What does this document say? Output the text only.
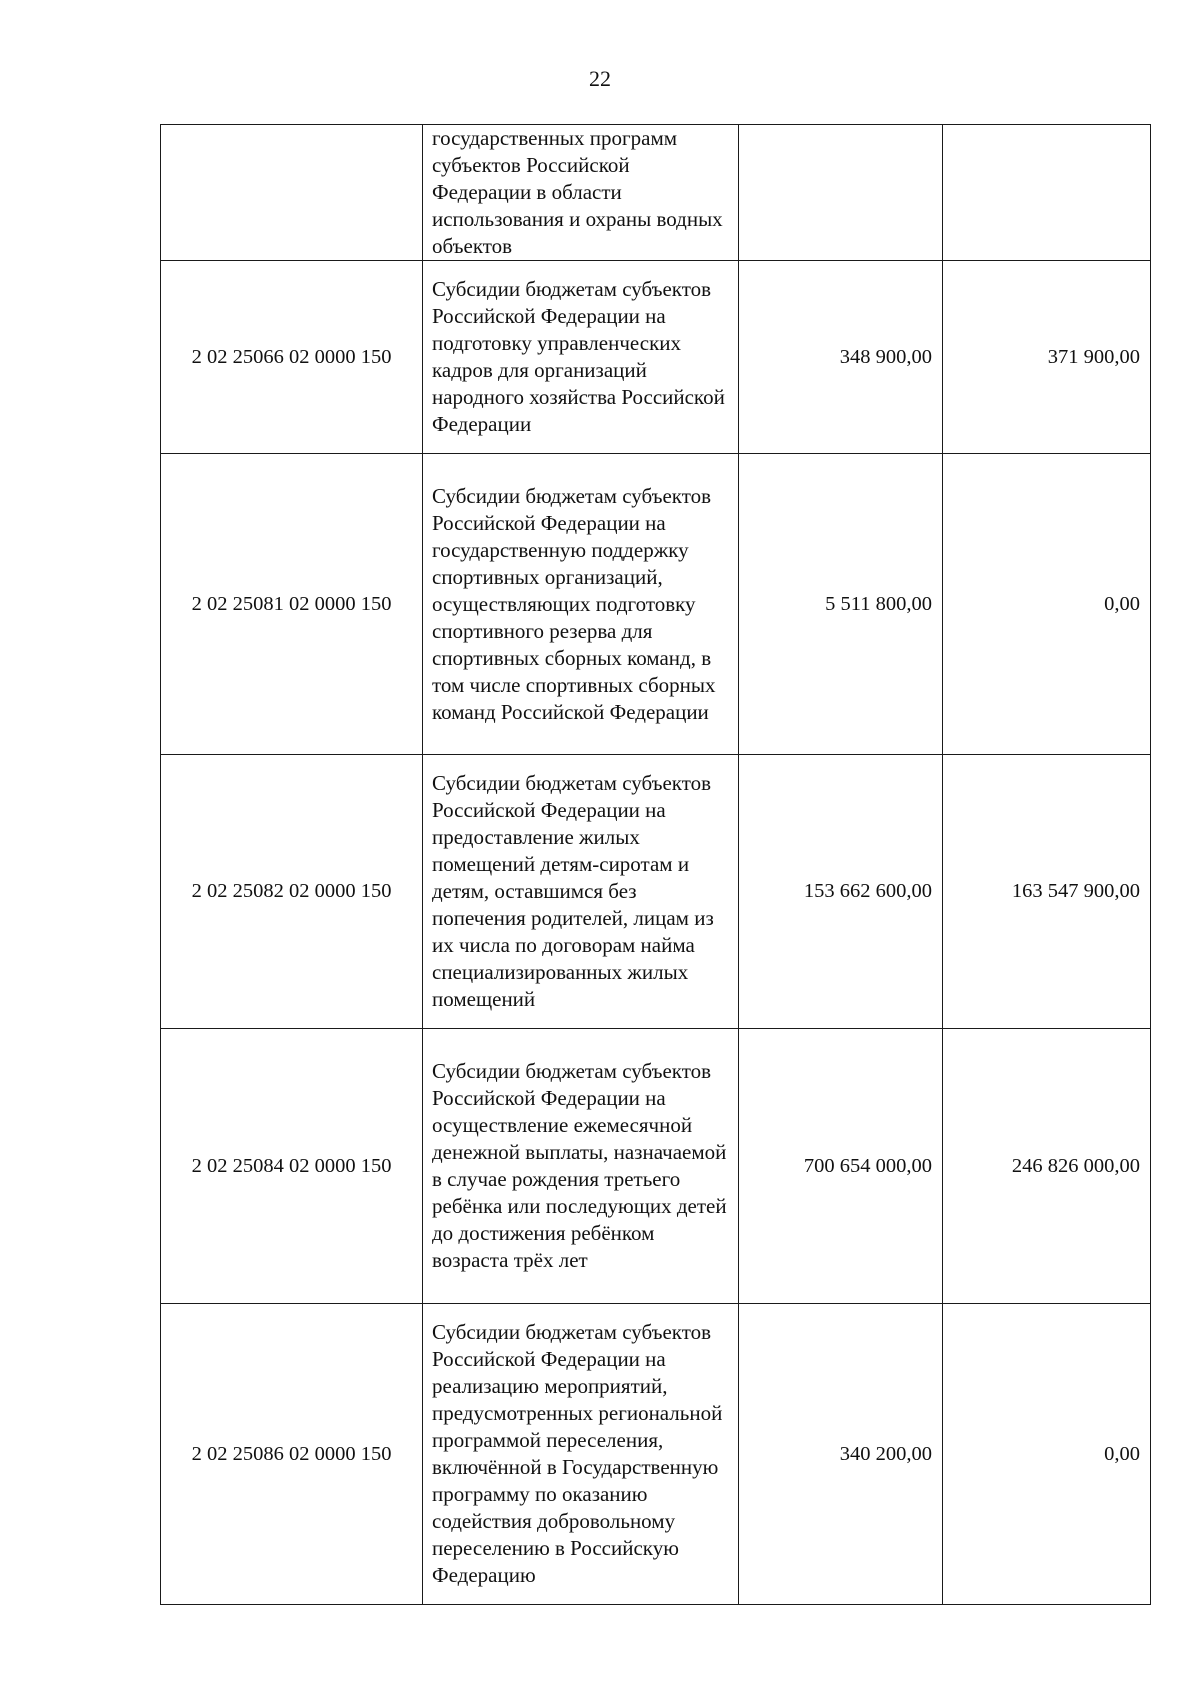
22
	государственных программ субъектов Российской Федерации в области использования и охраны водных объектов		
2 02 25066 02 0000 150	Субсидии бюджетам субъектов Российской Федерации на подготовку управленческих кадров для организаций народного хозяйства Российской Федерации	348 900,00	371 900,00
2 02 25081 02 0000 150	Субсидии бюджетам субъектов Российской Федерации на государственную поддержку спортивных организаций, осуществляющих подготовку спортивного резерва для спортивных сборных команд, в том числе спортивных сборных команд Российской Федерации	5 511 800,00	0,00
2 02 25082 02 0000 150	Субсидии бюджетам субъектов Российской Федерации на предоставление жилых помещений детям-сиротам и детям, оставшимся без попечения родителей, лицам из их числа по договорам найма специализированных жилых помещений	153 662 600,00	163 547 900,00
2 02 25084 02 0000 150	Субсидии бюджетам субъектов Российской Федерации на осуществление ежемесячной денежной выплаты, назначаемой в случае рождения третьего ребёнка или последующих детей до достижения ребёнком возраста трёх лет	700 654 000,00	246 826 000,00
2 02 25086 02 0000 150	Субсидии бюджетам субъектов Российской Федерации на реализацию мероприятий, предусмотренных региональной программой переселения, включённой в Государственную программу по оказанию содействия добровольному переселению в Российскую Федерацию	340 200,00	0,00
